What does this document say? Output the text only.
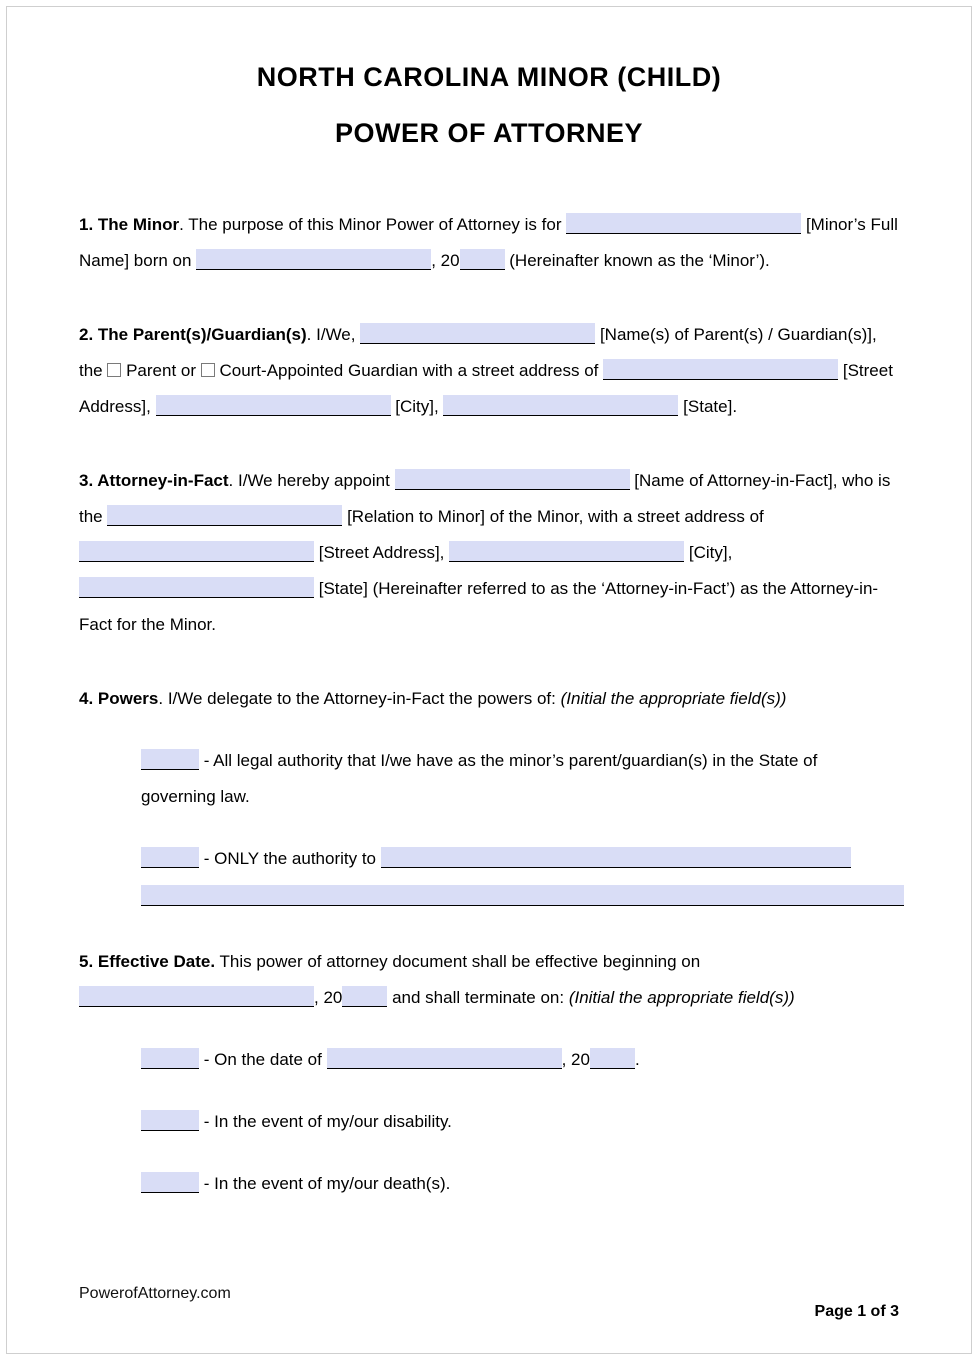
NORTH CAROLINA MINOR (CHILD)
POWER OF ATTORNEY

1. The Minor. The purpose of this Minor Power of Attorney is for	[Minor’s Full Name] born on	, 20	(Hereinafter known as the ‘Minor’).

2. The Parent(s)/Guardian(s). I/We,	[Name(s) of Parent(s) / Guardian(s)], the  Parent or  Court-Appointed Guardian with a street address of	[Street Address],	[City],	[State].

3. Attorney-in-Fact. I/We hereby appoint	[Name of Attorney-in-Fact], who is the	[Relation to Minor] of the Minor, with a street address of  [Street Address],	[City],  [State] (Hereinafter referred to as the ‘Attorney-in-Fact’) as the Attorney-in-Fact for the Minor.

4. Powers. I/We delegate to the Attorney-in-Fact the powers of: (Initial the appropriate field(s))

- All legal authority that I/we have as the minor’s parent/guardian(s) in the State of governing law.
- ONLY the authority to

5. Effective Date. This power of attorney document shall be effective beginning on , 20	and shall terminate on: (Initial the appropriate field(s))

- On the date of	, 20	.
- In the event of my/our disability.
- In the event of my/our death(s).
PowerofAttorney.com
Page 1 of 3
